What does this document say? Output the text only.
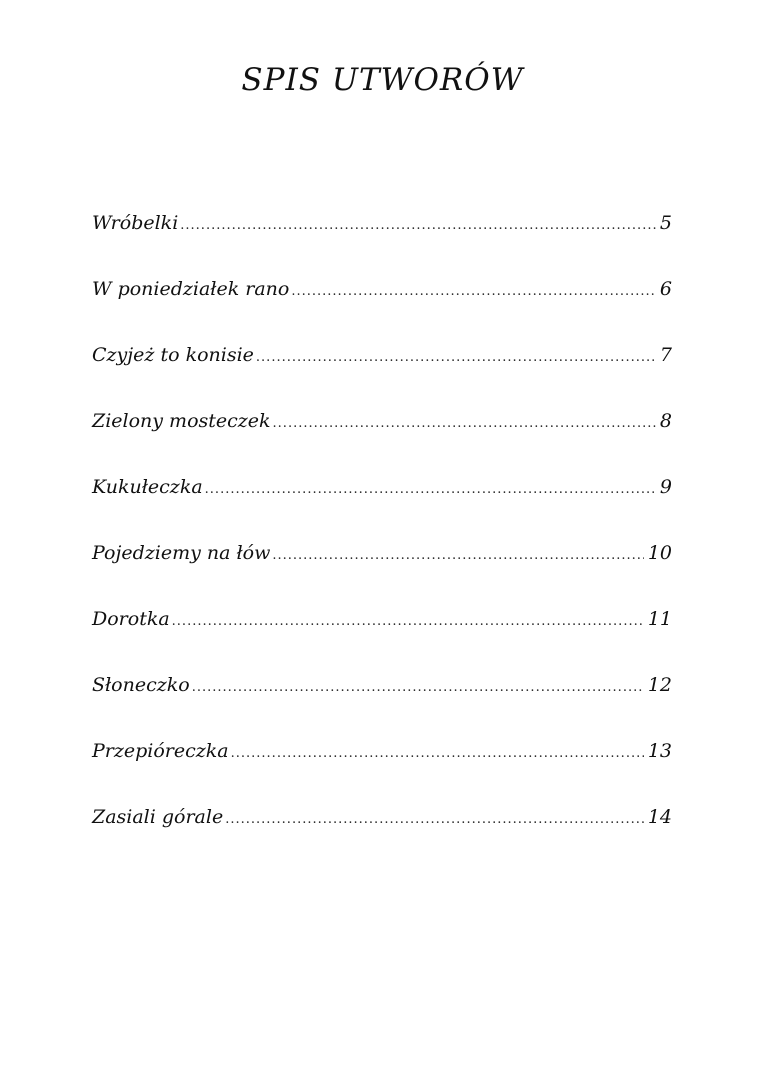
SPIS UTWORÓW
Wróbelki .....	5
W poniedziałek rano .....	6
Czyjeż to konisie .....	7
Zielony mosteczek .....	8
Kukułeczka .....	9
Pojedziemy na łów .....	10
Dorotka .....	11
Słoneczko .....	12
Przepióreczka .....	13
Zasiali górale .....	14
